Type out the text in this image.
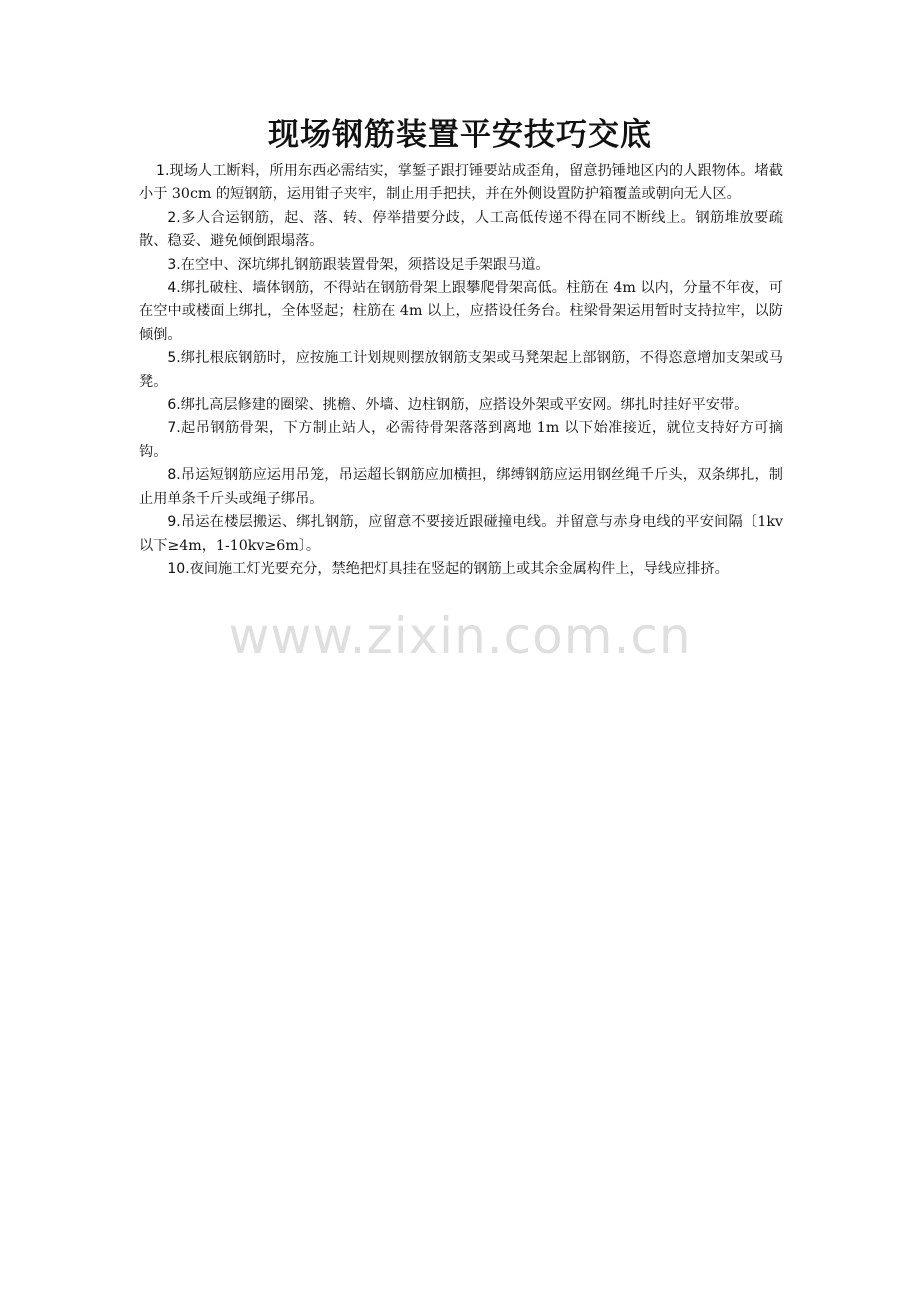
现场钢筋装置平安技巧交底

1.现场人工断料，所用东西必需结实，掌錾子跟打锤要站成歪角，留意扔锤地区内的人跟物体。堵截小于 30cm 的短钢筋，运用钳子夹牢，制止用手把扶，并在外侧设置防护箱覆盖或朝向无人区。

2.多人合运钢筋，起、落、转、停举措要分歧，人工高低传递不得在同不断线上。钢筋堆放要疏散、稳妥、避免倾倒跟塌落。

3.在空中、深坑绑扎钢筋跟装置骨架，须搭设足手架跟马道。

4.绑扎破柱、墙体钢筋，不得站在钢筋骨架上跟攀爬骨架高低。柱筋在 4m 以内，分量不年夜，可在空中或楼面上绑扎，全体竖起；柱筋在 4m 以上，应搭设任务台。柱梁骨架运用暂时支持拉牢，以防倾倒。

5.绑扎根底钢筋时，应按施工计划规则摆放钢筋支架或马凳架起上部钢筋，不得恣意增加支架或马凳。

6.绑扎高层修建的圈梁、挑檐、外墙、边柱钢筋，应搭设外架或平安网。绑扎时挂好平安带。

7.起吊钢筋骨架，下方制止站人，必需待骨架落落到离地 1m 以下始准接近，就位支持好方可摘钩。

8.吊运短钢筋应运用吊笼，吊运超长钢筋应加横担，绑缚钢筋应运用钢丝绳千斤头，双条绑扎，制止用单条千斤头或绳子绑吊。

9.吊运在楼层搬运、绑扎钢筋，应留意不要接近跟碰撞电线。并留意与赤身电线的平安间隔〔1kv 以下≥4m，1-10kv≥6m〕。

10.夜间施工灯光要充分，禁绝把灯具挂在竖起的钢筋上或其余金属构件上，导线应排挤。

www.zixin.com.cn
